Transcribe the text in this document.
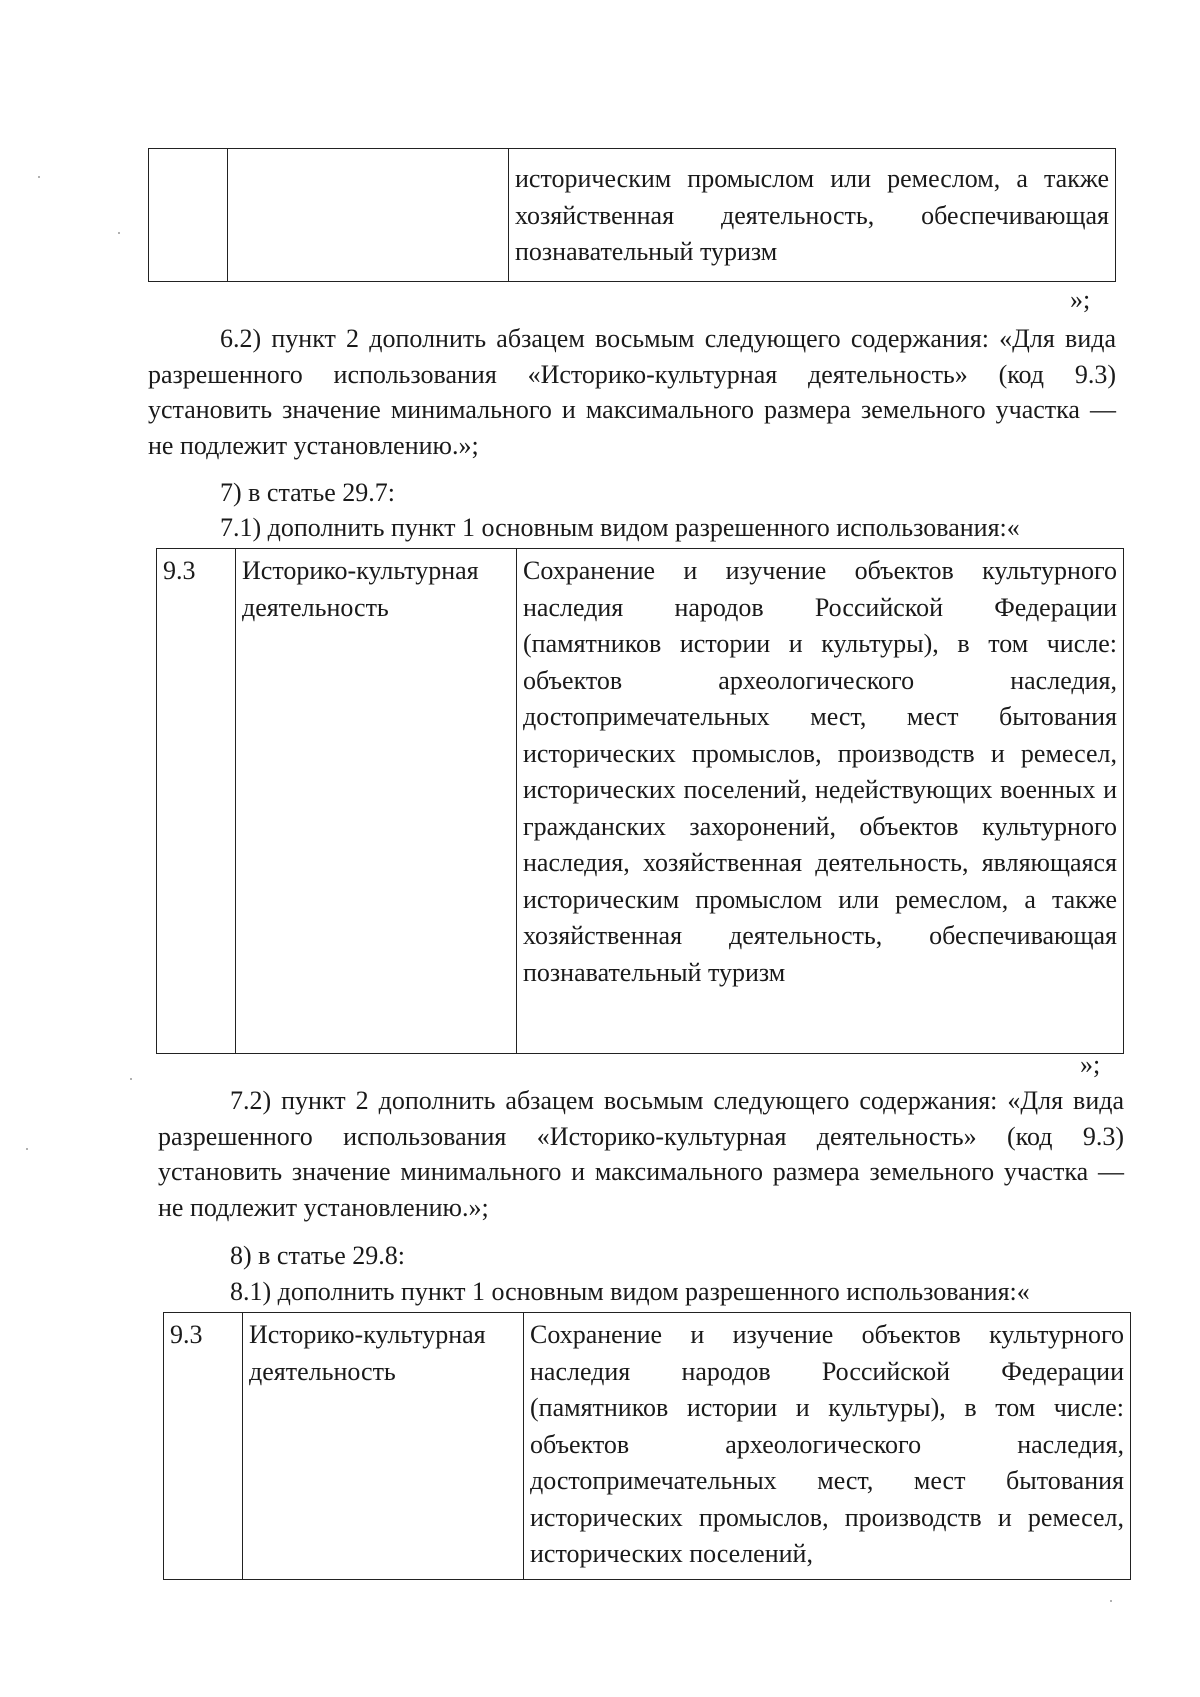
		историческим промыслом или ремеслом, а также хозяйственная деятельность, обеспечивающая познавательный туризм
»;
6.2) пункт 2 дополнить абзацем восьмым следующего содержания: «Для вида разрешенного использования «Историко-культурная деятельность» (код 9.3) установить значение минимального и максимального размера земельного участка — не подлежит установлению.»;
7) в статье 29.7:
7.1) дополнить пункт 1 основным видом разрешенного использования:«
9.3	Историко-культурная деятельность	Сохранение и изучение объектов культурного наследия народов Российской Федерации (памятников истории и культуры), в том числе: объектов археологического наследия, достопримечательных мест, мест бытования исторических промыслов, производств и ремесел, исторических поселений, недействующих военных и гражданских захоронений, объектов культурного наследия, хозяйственная деятельность, являющаяся историческим промыслом или ремеслом, а также хозяйственная деятельность, обеспечивающая познавательный туризм
»;
7.2) пункт 2 дополнить абзацем восьмым следующего содержания: «Для вида разрешенного использования «Историко-культурная деятельность» (код 9.3) установить значение минимального и максимального размера земельного участка — не подлежит установлению.»;
8) в статье 29.8:
8.1) дополнить пункт 1 основным видом разрешенного использования:«
9.3	Историко-культурная деятельность	Сохранение и изучение объектов культурного наследия народов Российской Федерации (памятников истории и культуры), в том числе: объектов археологического наследия, достопримечательных мест, мест бытования исторических промыслов, производств и ремесел, исторических поселений,
